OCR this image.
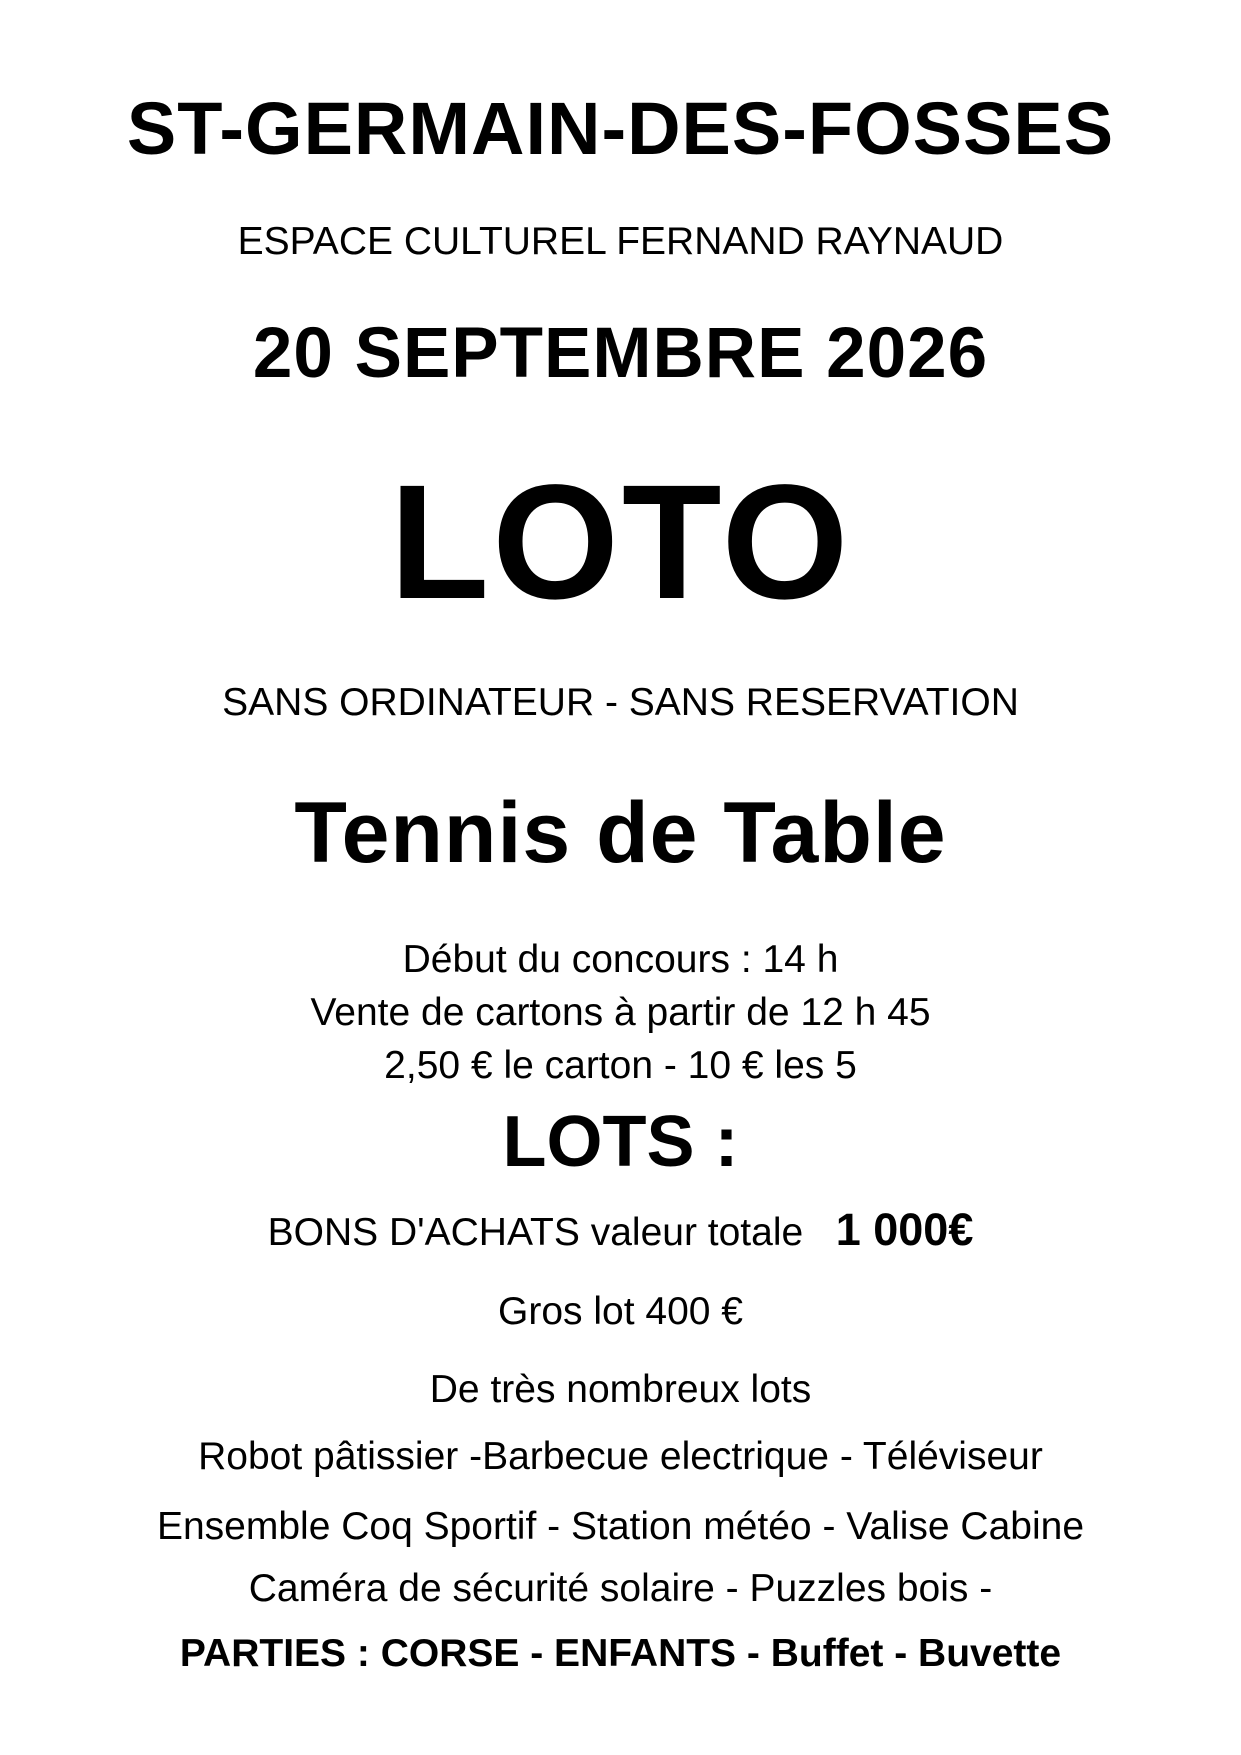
ST-GERMAIN-DES-FOSSES
ESPACE CULTUREL FERNAND RAYNAUD
20 SEPTEMBRE 2026
LOTO
SANS ORDINATEUR - SANS RESERVATION
Tennis de Table
Début du concours : 14 h
Vente de cartons à partir de 12 h 45
2,50 € le carton - 10 € les 5
LOTS :
BONS D'ACHATS valeur totale 1 000€
Gros lot 400 €
De très nombreux lots
Robot pâtissier -Barbecue electrique - Téléviseur
Ensemble Coq Sportif - Station météo - Valise Cabine
Caméra de sécurité solaire - Puzzles bois -
PARTIES : CORSE - ENFANTS - Buffet - Buvette
